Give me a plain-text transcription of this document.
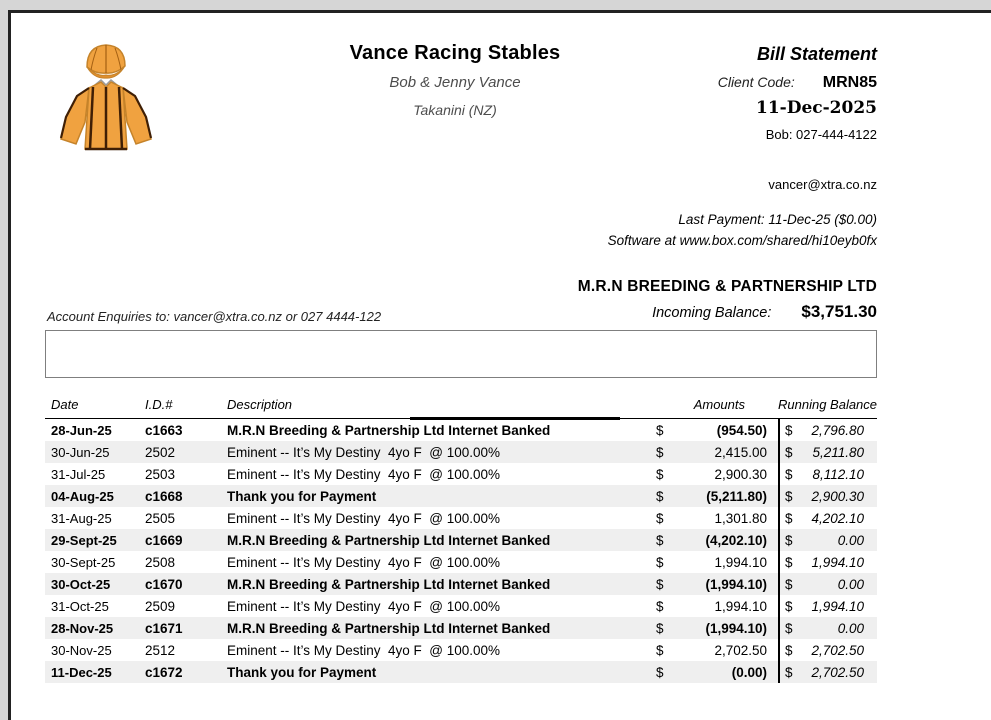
Vance Racing Stables
Bob & Jenny Vance
Takanini (NZ)
Bill Statement
Client Code: MRN85
11-Dec-2025
Bob: 027-444-4122
vancer@xtra.co.nz
Last Payment: 11-Dec-25 ($0.00)
Software at www.box.com/shared/hi10eyb0fx
M.R.N BREEDING & PARTNERSHIP LTD
Account Enquiries to: vancer@xtra.co.nz or 027 4444-122	Incoming Balance: $3,751.30
Date	I.D.#	Description	Amounts	Running Balance
28-Jun-25	c1663	M.R.N Breeding & Partnership Ltd Internet Banked	$	(954.50) $ 2,796.80
30-Jun-25	2502	Eminent -- It’s My Destiny  4yo F  @ 100.00%	$	2,415.00 $ 5,211.80
31-Jul-25	2503	Eminent -- It’s My Destiny  4yo F  @ 100.00%	$	2,900.30 $ 8,112.10
04-Aug-25	c1668	Thank you for Payment	$	(5,211.80) $ 2,900.30
31-Aug-25	2505	Eminent -- It’s My Destiny  4yo F  @ 100.00%	$	1,301.80 $ 4,202.10
29-Sept-25	c1669	M.R.N Breeding & Partnership Ltd Internet Banked	$	(4,202.10) $	0.00
30-Sept-25	2508	Eminent -- It’s My Destiny  4yo F  @ 100.00%	$	1,994.10 $ 1,994.10
30-Oct-25	c1670	M.R.N Breeding & Partnership Ltd Internet Banked	$	(1,994.10) $	0.00
31-Oct-25	2509	Eminent -- It’s My Destiny  4yo F  @ 100.00%	$	1,994.10 $ 1,994.10
28-Nov-25	c1671	M.R.N Breeding & Partnership Ltd Internet Banked	$	(1,994.10) $	0.00
30-Nov-25	2512	Eminent -- It’s My Destiny  4yo F  @ 100.00%	$	2,702.50 $ 2,702.50
11-Dec-25	c1672	Thank you for Payment	$	(0.00) $ 2,702.50
